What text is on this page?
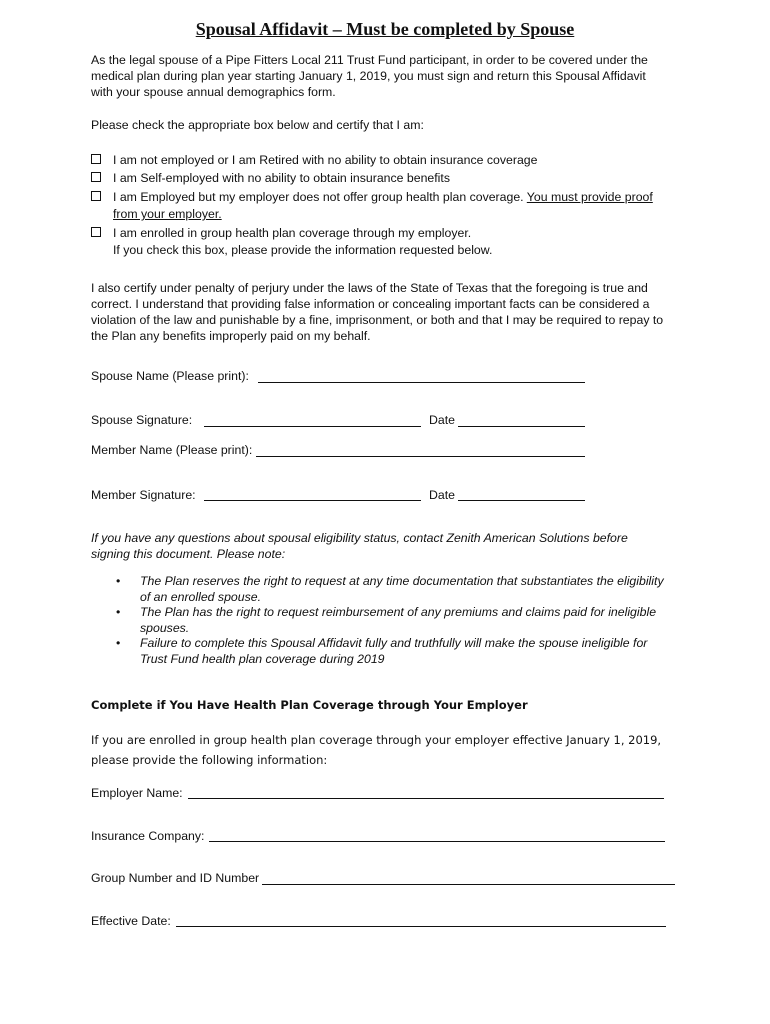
Spousal Affidavit – Must be completed by Spouse
As the legal spouse of a Pipe Fitters Local 211 Trust Fund participant, in order to be covered under the
medical plan during plan year starting January 1, 2019, you must sign and return this Spousal Affidavit
with your spouse annual demographics form.
Please check the appropriate box below and certify that I am:
I am not employed or I am Retired with no ability to obtain insurance coverage
I am Self-employed with no ability to obtain insurance benefits
I am Employed but my employer does not offer group health plan coverage. You must provide proof
from your employer.
I am enrolled in group health plan coverage through my employer.
If you check this box, please provide the information requested below.
I also certify under penalty of perjury under the laws of the State of Texas that the foregoing is true and
correct. I understand that providing false information or concealing important facts can be considered a
violation of the law and punishable by a fine, imprisonment, or both and that I may be required to repay to
the Plan any benefits improperly paid on my behalf.
Spouse Name (Please print):
Spouse Signature:	Date
Member Name (Please print):
Member Signature:	Date
If you have any questions about spousal eligibility status, contact Zenith American Solutions before
signing this document. Please note:
• The Plan reserves the right to request at any time documentation that substantiates the eligibility
of an enrolled spouse.
• The Plan has the right to request reimbursement of any premiums and claims paid for ineligible
spouses.
• Failure to complete this Spousal Affidavit fully and truthfully will make the spouse ineligible for
Trust Fund health plan coverage during 2019
Complete if You Have Health Plan Coverage through Your Employer
If you are enrolled in group health plan coverage through your employer effective January 1, 2019,
please provide the following information:
Employer Name:
Insurance Company:
Group Number and ID Number
Effective Date:
